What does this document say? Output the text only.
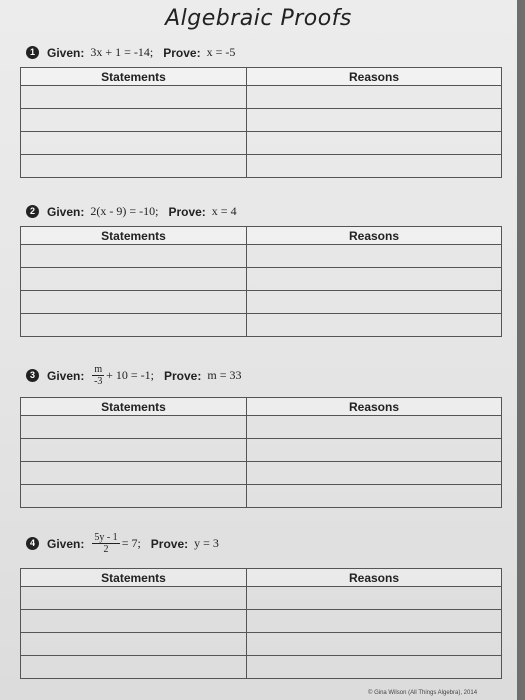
Algebraic Proofs
1	Given: 3x + 1 = -14; Prove: x = -5
Statements	Reasons

2	Given: 2(x - 9) = -10; Prove: x = 4
Statements	Reasons

3	Given: $\frac{m}{-3} + 10 = -1$; Prove: m = 33
Statements	Reasons

4	Given: $\frac{5y - 1}{2} = 7$; Prove: y = 3
Statements	Reasons

© Gina Wilson (All Things Algebra), 2014
